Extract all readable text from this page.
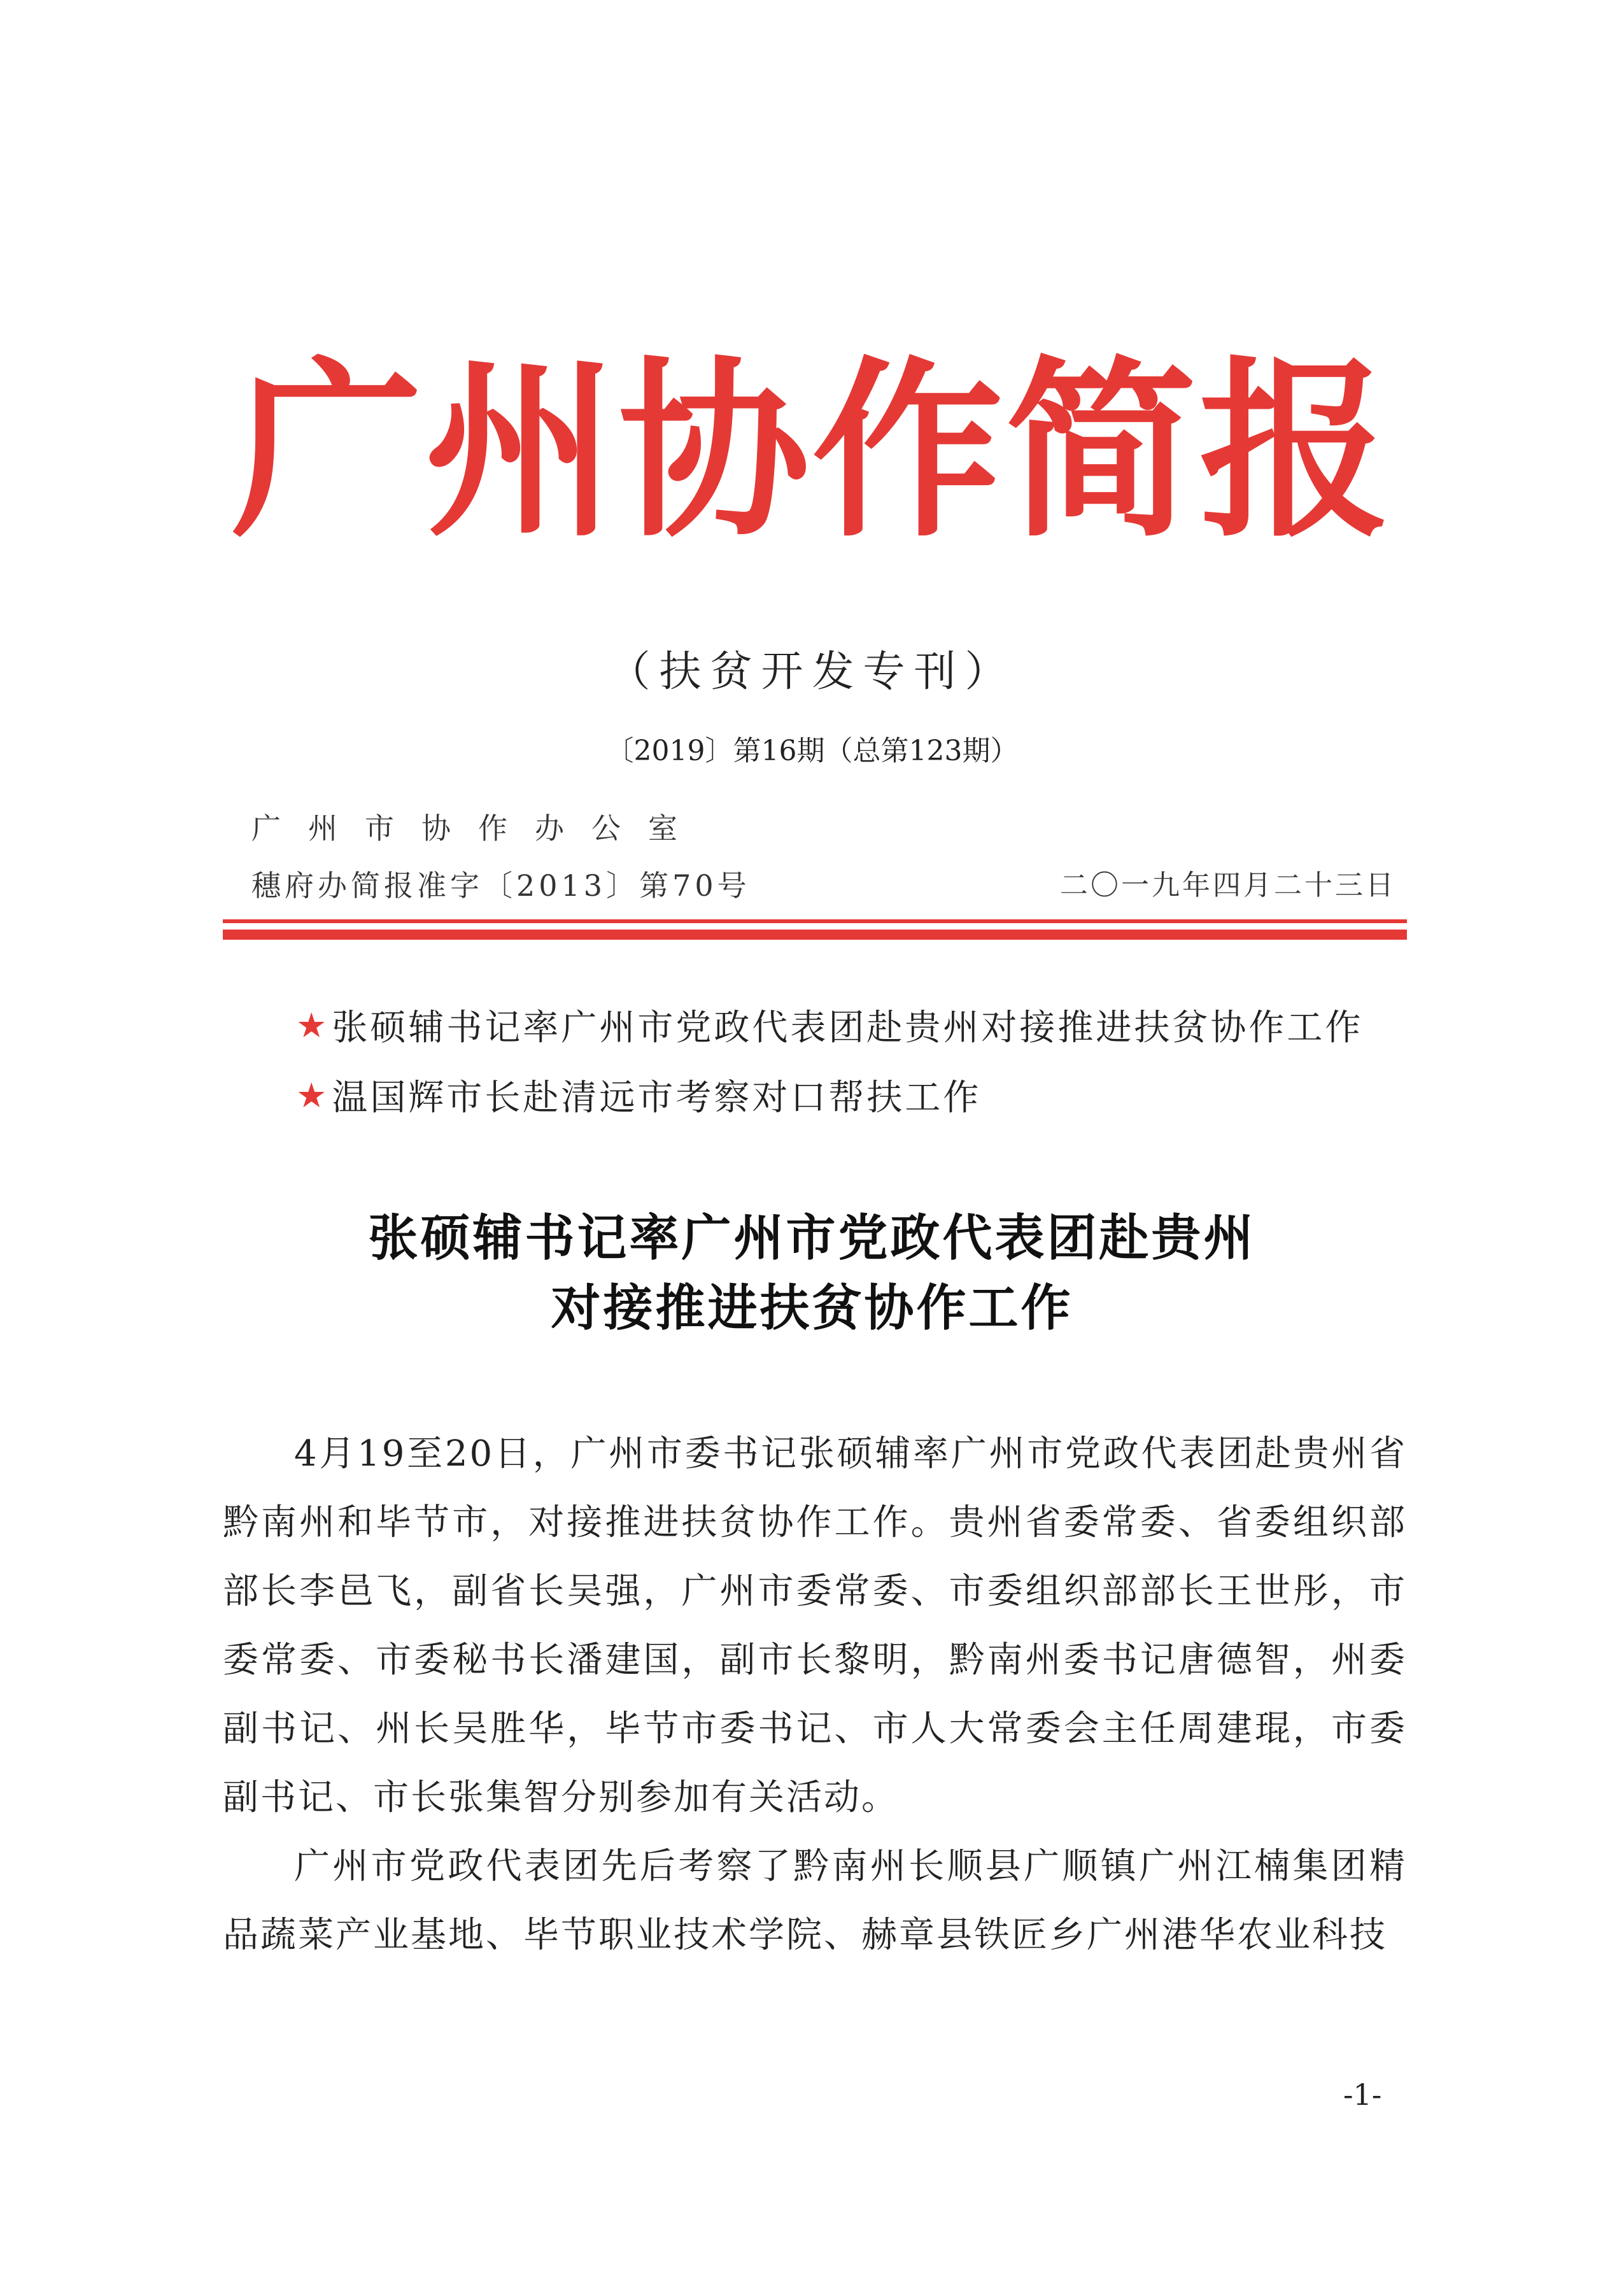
广州协作简报
（扶贫开发专刊）
〔2019〕第16期（总第123期）
广州市协作办公室
穗府办简报准字〔2013〕第70号	二〇一九年四月二十三日
★ 张硕辅书记率广州市党政代表团赴贵州对接推进扶贫协作工作
★ 温国辉市长赴清远市考察对口帮扶工作
张硕辅书记率广州市党政代表团赴贵州
对接推进扶贫协作工作

4月19至20日，广州市委书记张硕辅率广州市党政代表团赴贵州省黔南州和毕节市，对接推进扶贫协作工作。贵州省委常委、省委组织部部长李邑飞，副省长吴强，广州市委常委、市委组织部部长王世彤，市委常委、市委秘书长潘建国，副市长黎明，黔南州委书记唐德智，州委副书记、州长吴胜华，毕节市委书记、市人大常委会主任周建琨，市委副书记、市长张集智分别参加有关活动。

广州市党政代表团先后考察了黔南州长顺县广顺镇广州江楠集团精品蔬菜产业基地、毕节职业技术学院、赫章县铁匠乡广州港华农业科技

-1-
